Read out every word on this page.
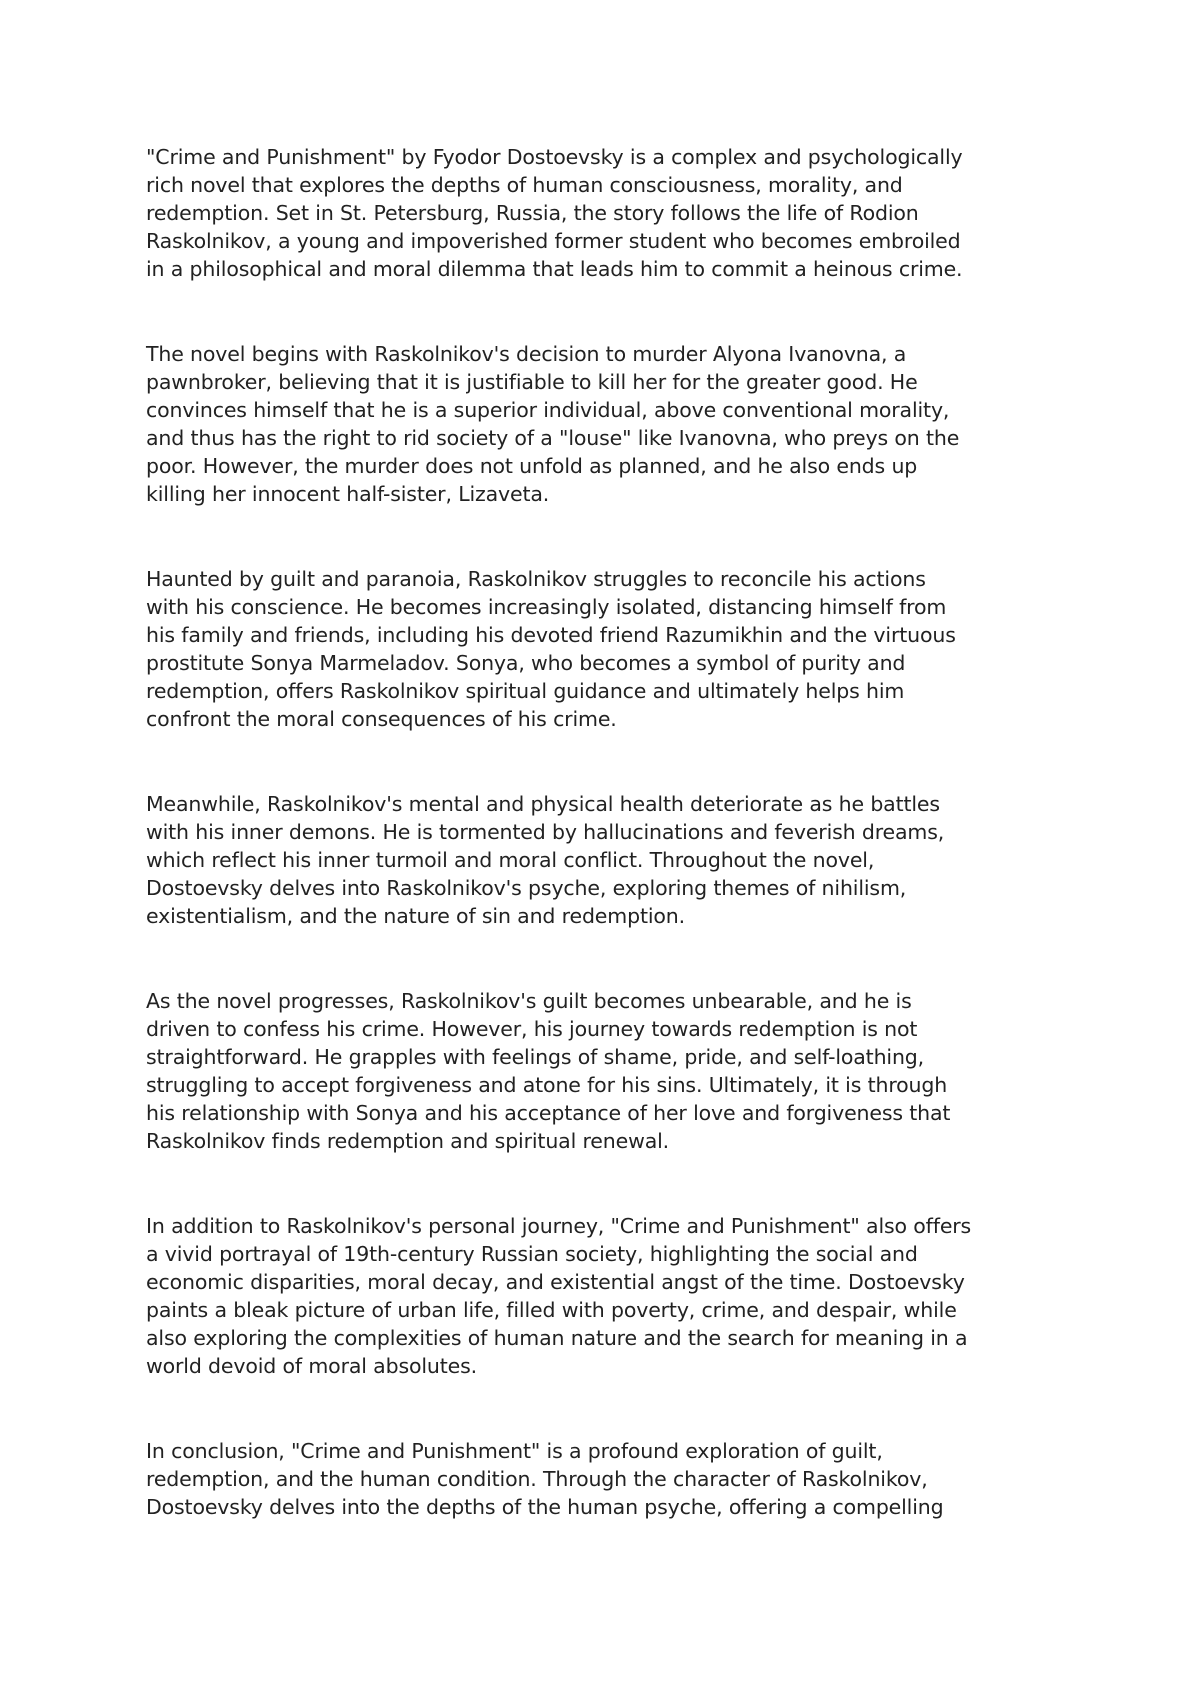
"Crime and Punishment" by Fyodor Dostoevsky is a complex and psychologically
rich novel that explores the depths of human consciousness, morality, and
redemption. Set in St. Petersburg, Russia, the story follows the life of Rodion
Raskolnikov, a young and impoverished former student who becomes embroiled
in a philosophical and moral dilemma that leads him to commit a heinous crime.

The novel begins with Raskolnikov's decision to murder Alyona Ivanovna, a
pawnbroker, believing that it is justifiable to kill her for the greater good. He
convinces himself that he is a superior individual, above conventional morality,
and thus has the right to rid society of a "louse" like Ivanovna, who preys on the
poor. However, the murder does not unfold as planned, and he also ends up
killing her innocent half-sister, Lizaveta.

Haunted by guilt and paranoia, Raskolnikov struggles to reconcile his actions
with his conscience. He becomes increasingly isolated, distancing himself from
his family and friends, including his devoted friend Razumikhin and the virtuous
prostitute Sonya Marmeladov. Sonya, who becomes a symbol of purity and
redemption, offers Raskolnikov spiritual guidance and ultimately helps him
confront the moral consequences of his crime.

Meanwhile, Raskolnikov's mental and physical health deteriorate as he battles
with his inner demons. He is tormented by hallucinations and feverish dreams,
which reflect his inner turmoil and moral conflict. Throughout the novel,
Dostoevsky delves into Raskolnikov's psyche, exploring themes of nihilism,
existentialism, and the nature of sin and redemption.

As the novel progresses, Raskolnikov's guilt becomes unbearable, and he is
driven to confess his crime. However, his journey towards redemption is not
straightforward. He grapples with feelings of shame, pride, and self-loathing,
struggling to accept forgiveness and atone for his sins. Ultimately, it is through
his relationship with Sonya and his acceptance of her love and forgiveness that
Raskolnikov finds redemption and spiritual renewal.

In addition to Raskolnikov's personal journey, "Crime and Punishment" also offers
a vivid portrayal of 19th-century Russian society, highlighting the social and
economic disparities, moral decay, and existential angst of the time. Dostoevsky
paints a bleak picture of urban life, filled with poverty, crime, and despair, while
also exploring the complexities of human nature and the search for meaning in a
world devoid of moral absolutes.

In conclusion, "Crime and Punishment" is a profound exploration of guilt,
redemption, and the human condition. Through the character of Raskolnikov,
Dostoevsky delves into the depths of the human psyche, offering a compelling
